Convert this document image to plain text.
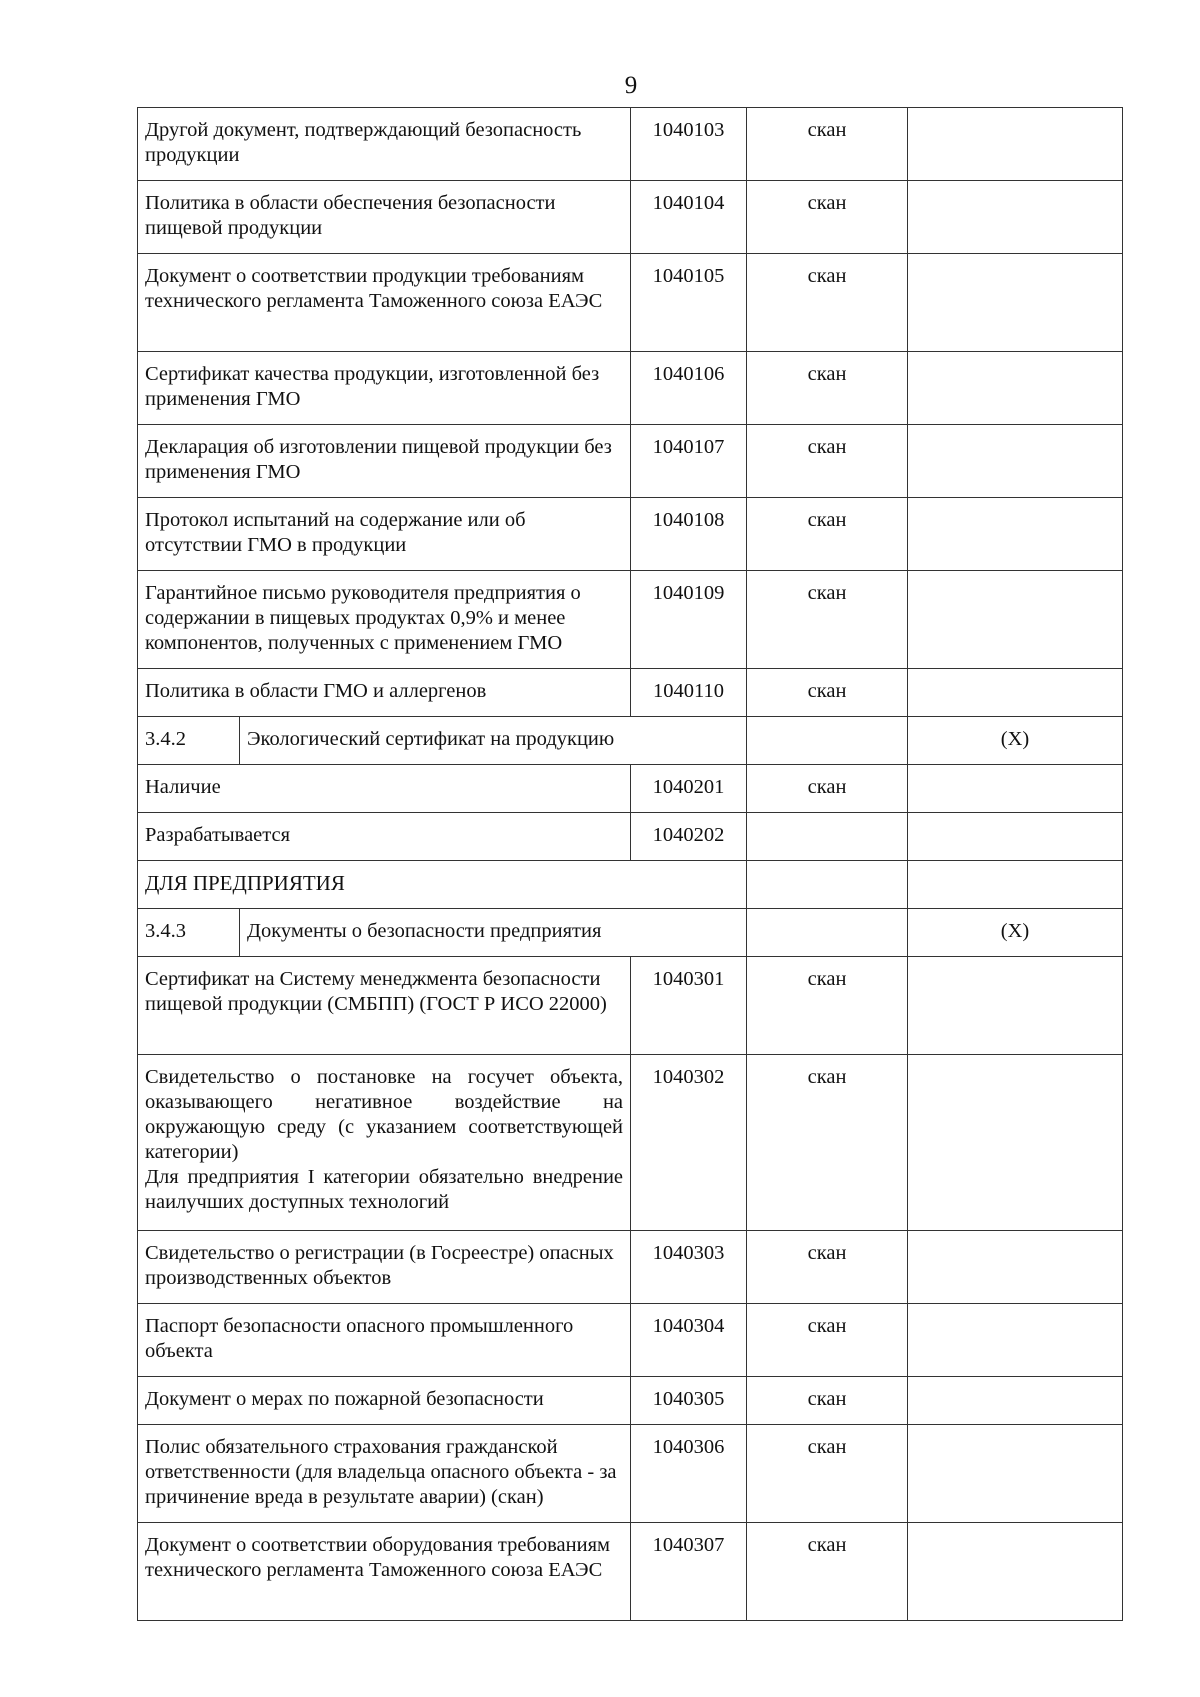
9
Другой документ, подтверждающий безопасность продукции		1040103	скан	
Политика в области обеспечения безопасности пищевой продукции		1040104	скан	
Документ о соответствии продукции требованиям технического регламента Таможенного союза ЕАЭС		1040105	скан	
Сертификат качества продукции, изготовленной без применения ГМО		1040106	скан	
Декларация об изготовлении пищевой продукции без применения ГМО		1040107	скан	
Протокол испытаний на содержание или об отсутствии ГМО в продукции		1040108	скан	
Гарантийное письмо руководителя предприятия о содержании в пищевых продуктах 0,9% и менее компонентов, полученных с применением ГМО		1040109	скан	
Политика в области ГМО и аллергенов		1040110	скан	
3.4.2	Экологический сертификат на продукцию			(Х)
Наличие		1040201	скан	
Разрабатывается		1040202		
ДЛЯ ПРЕДПРИЯТИЯ				
3.4.3	Документы о безопасности предприятия			(Х)
Сертификат на Систему менеджмента безопасности пищевой продукции (СМБПП) (ГОСТ Р ИСО 22000)		1040301	скан	

Свидетельство о постановке на госучет объекта, оказывающего негативное воздействие на окружающую среду (с указанием соответствующей категории)
Для предприятия I категории обязательно внедрение наилучших доступных технологий		1040302	скан	
Свидетельство о регистрации (в Госреестре) опасных производственных объектов		1040303	скан	
Паспорт безопасности опасного промышленного объекта		1040304	скан	
Документ о мерах по пожарной безопасности		1040305	скан	
Полис обязательного страхования гражданской ответственности (для владельца опасного объекта - за причинение вреда в результате аварии) (скан)		1040306	скан	
Документ о соответствии оборудования требованиям технического регламента Таможенного союза ЕАЭС		1040307	скан	
